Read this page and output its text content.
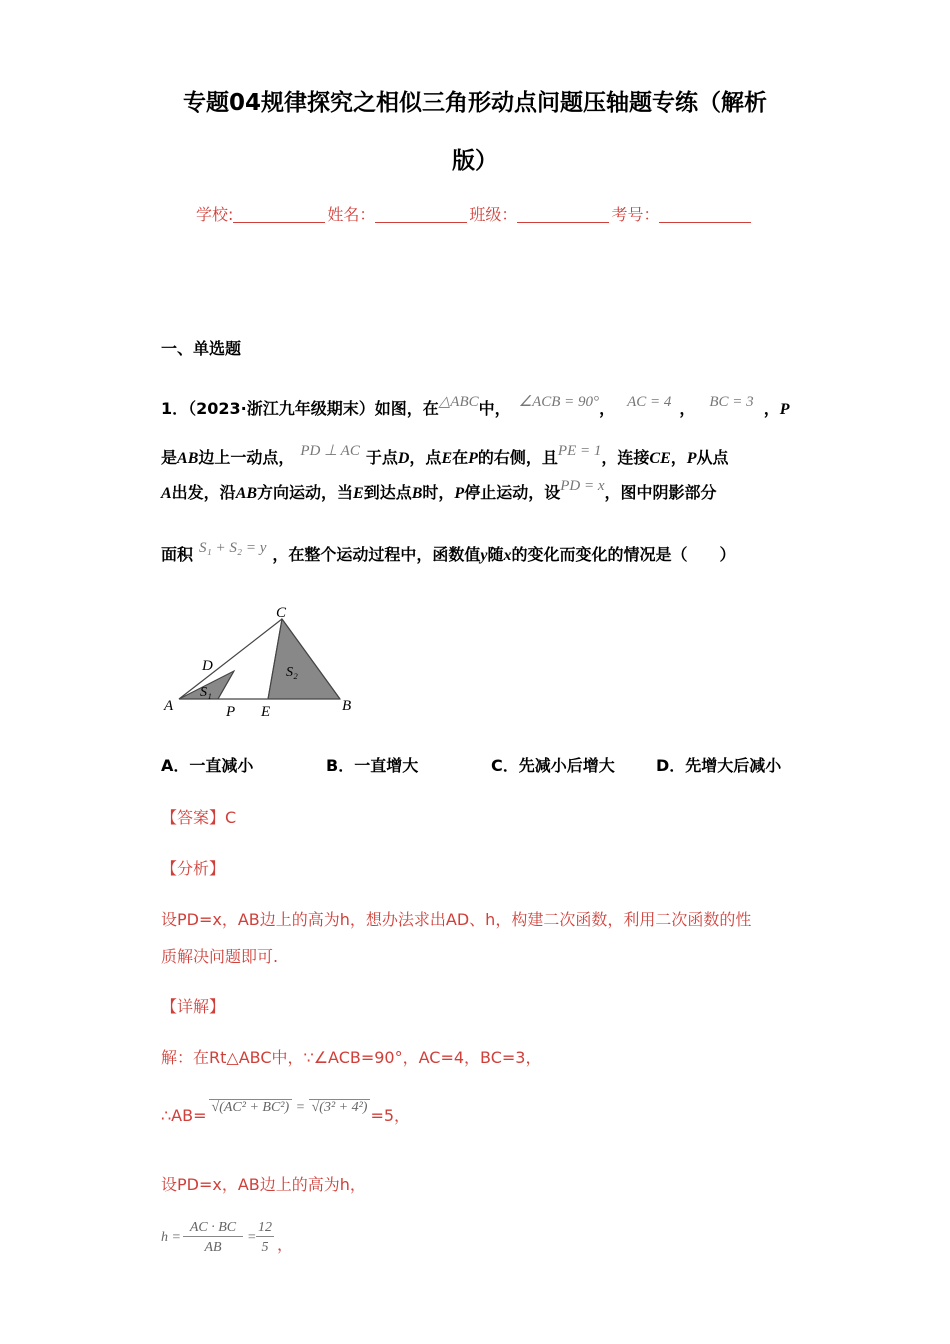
专题04规律探究之相似三角形动点问题压轴题专练（解析
版）
学校:	姓名：	班级：	考号：
一、单选题
1．（2023·浙江九年级期末）如图，在△ABC中， ∠ACB = 90°， AC = 4 ， BC = 3 ，P
是AB边上一动点， PD ⊥ AC 于点D，点E在P的右侧，且PE = 1，连接CE，P从点
A出发，沿AB方向运动，当E到达点B时，P停止运动，设PD = x，图中阴影部分
面积 S₁ + S₂ = y ，在整个运动过程中，函数值y随x的变化而变化的情况是（　　）
A	B
C
D
P E
S₁
S₂
A．一直减小	B．一直增大	C．先减小后增大	D．先增大后减小
【答案】C
【分析】
设PD=x，AB边上的高为h，想办法求出AD、h，构建二次函数，利用二次函数的性
质解决问题即可.
【详解】
解：在Rt△ABC中，∵∠ACB=90°，AC=4，BC=3，
∴AB= √(AC² + BC²) = √(3² + 4²) =5，
设PD=x，AB边上的高为h，
h =
AC · BC
AB
=
12
5 ，
